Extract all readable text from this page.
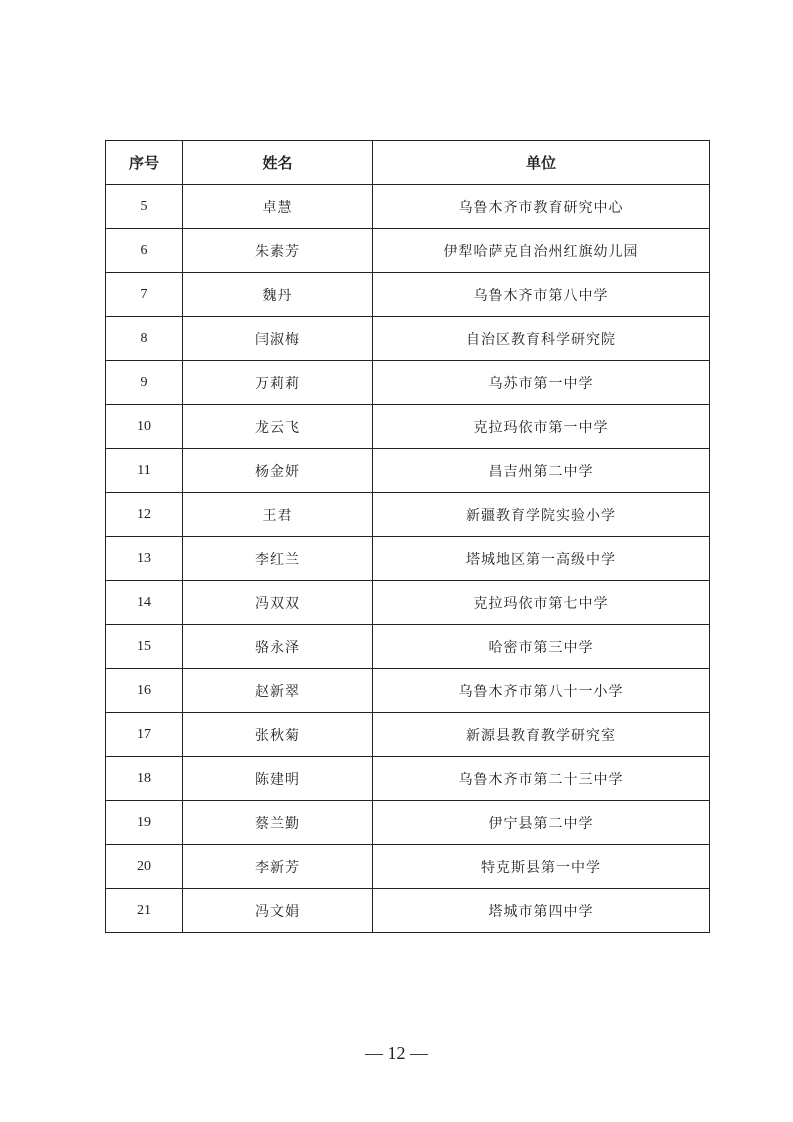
序号	姓名	单位
5	卓慧	乌鲁木齐市教育研究中心
6	朱素芳	伊犁哈萨克自治州红旗幼儿园
7	魏丹	乌鲁木齐市第八中学
8	闫淑梅	自治区教育科学研究院
9	万莉莉	乌苏市第一中学
10	龙云飞	克拉玛依市第一中学
11	杨金妍	昌吉州第二中学
12	王君	新疆教育学院实验小学
13	李红兰	塔城地区第一高级中学
14	冯双双	克拉玛依市第七中学
15	骆永泽	哈密市第三中学
16	赵新翠	乌鲁木齐市第八十一小学
17	张秋菊	新源县教育教学研究室
18	陈建明	乌鲁木齐市第二十三中学
19	蔡兰勤	伊宁县第二中学
20	李新芳	特克斯县第一中学
21	冯文娟	塔城市第四中学
— 12 —
